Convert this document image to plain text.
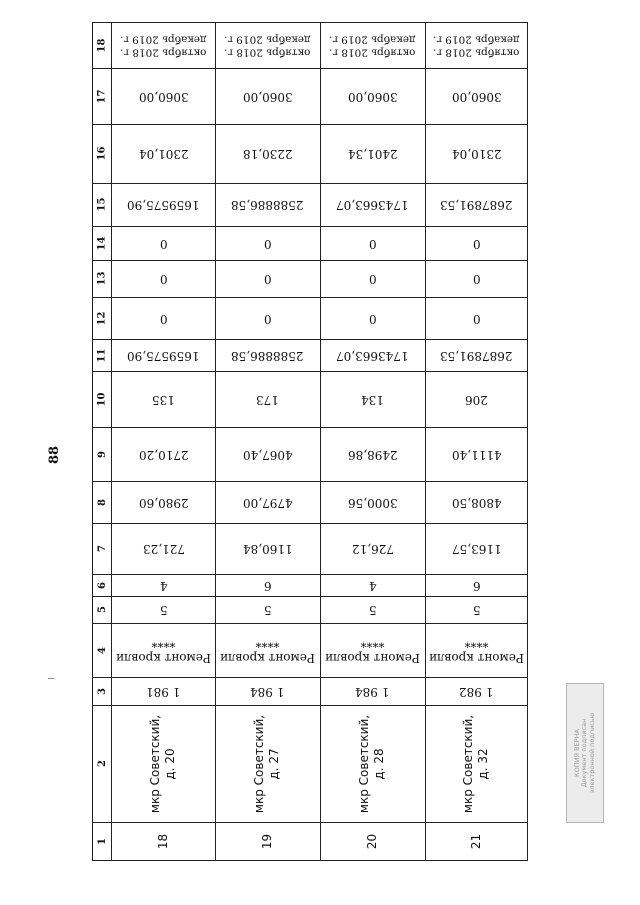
88
1
2
3
4
5
6
7
8
9
10
11
12
13
14
15
16
17
18
18
мкр Советский, д. 20
1 981
Ремонт кровли
****
5
4
721,23
2980,60
2710,20
135
1659575,90
0
0
0
1659575,90
2301,04
3060,00
октябрь 2018 г.
декабрь 2019 г.
19
мкр Советский, д. 27
1 984
Ремонт кровли
****
5
6
1160,84
4797,00
4067,40
173
2588886,58
0
0
0
2588886,58
2230,18
3060,00
октябрь 2018 г.
декабрь 2019 г.
20
мкр Советский, д. 28
1 984
Ремонт кровли
****
5
4
726,12
3000,56
2498,86
134
1743663,07
0
0
0
1743663,07
2401,34
3060,00
октябрь 2018 г.
декабрь 2019 г.
21
мкр Советский, д. 32
1 982
Ремонт кровли
****
5
6
1163,57
4808,50
4111,40
206
2687891,53
0
0
0
2687891,53
2310,04
3060,00
октябрь 2018 г.
декабрь 2019 г.
КОПИЯ ВЕРНА Документ подписан электронной подписью
